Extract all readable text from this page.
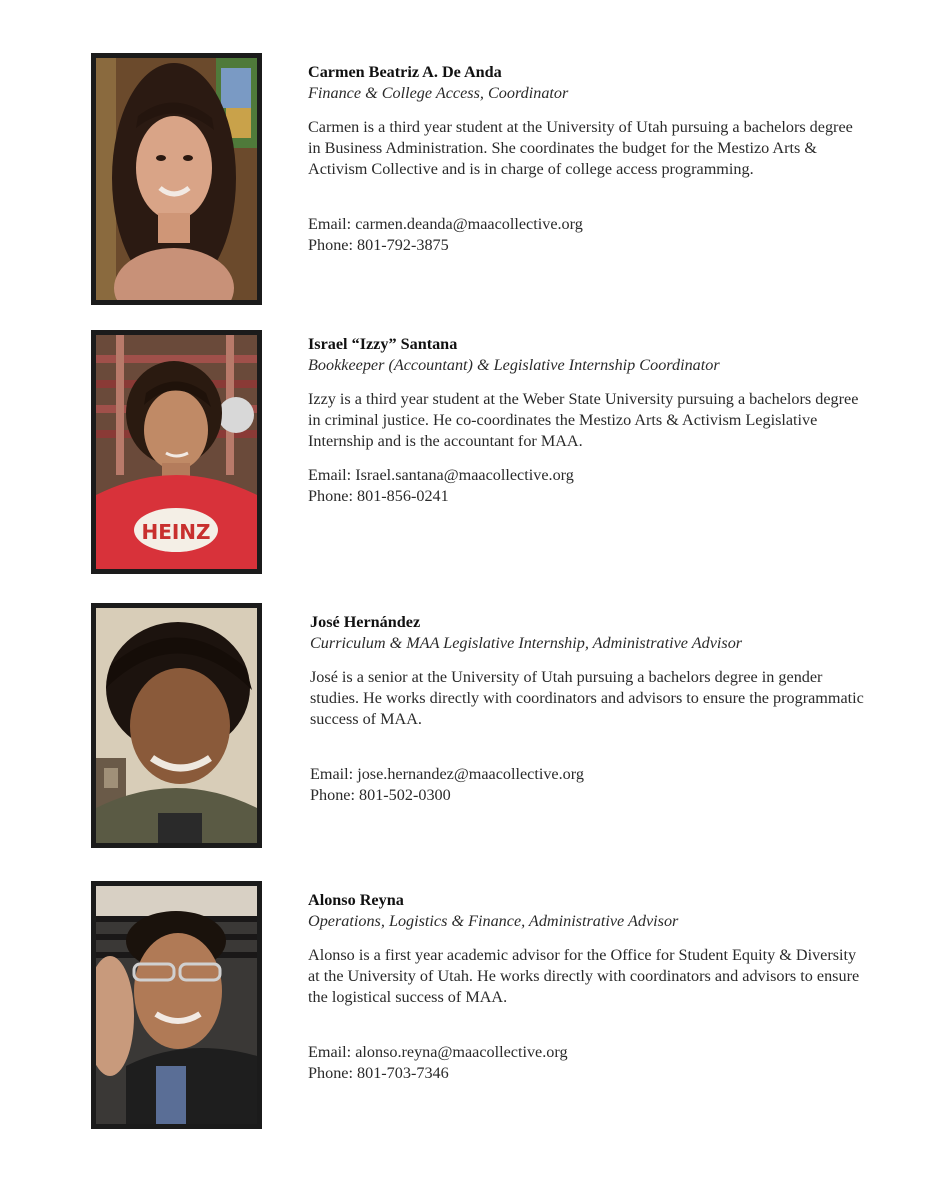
Carmen Beatriz A. De Anda

Finance & College Access, Coordinator

Carmen is a third year student at the University of Utah pursuing a bachelors degree in Business Administration. She coordinates the budget for the Mestizo Arts & Activism Collective and is in charge of college access programming.

Email: carmen.deanda@maacollective.org
Phone: 801-792-3875

HEINZ

Israel “Izzy” Santana

Bookkeeper (Accountant) & Legislative Internship Coordinator

Izzy is a third year student at the Weber State University pursuing a bachelors degree in criminal justice. He co-coordinates the Mestizo Arts & Activism Legislative Internship and is the accountant for MAA.

Email: Israel.santana@maacollective.org
Phone: 801-856-0241

José Hernández

Curriculum & MAA Legislative Internship, Administrative Advisor

José is a senior at the University of Utah pursuing a bachelors degree in gender studies. He works directly with coordinators and advisors to ensure the programmatic success of MAA.

Email: jose.hernandez@maacollective.org
Phone: 801-502-0300

Alonso Reyna

Operations, Logistics & Finance, Administrative Advisor

Alonso is a first year academic advisor for the Office for Student Equity & Diversity at the University of Utah. He works directly with coordinators and advisors to ensure the logistical success of MAA.

Email: alonso.reyna@maacollective.org
Phone: 801-703-7346
